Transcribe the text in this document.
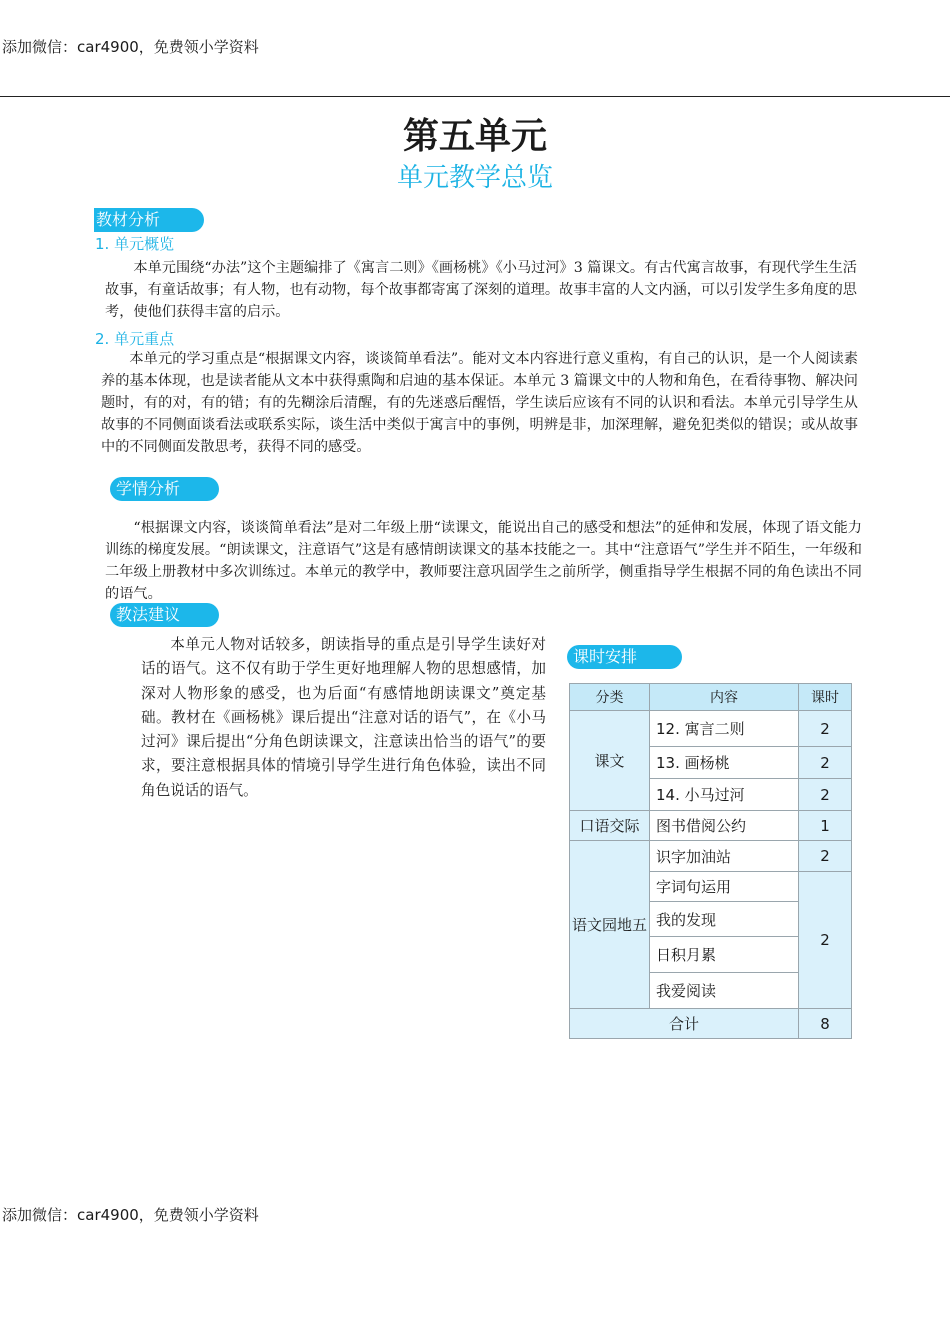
添加微信：car4900，免费领小学资料
第五单元
单元教学总览
教材分析
1. 单元概览

本单元围绕“办法”这个主题编排了《寓言二则》《画杨桃》《小马过河》3 篇课文。有古代寓言故事，有现代学生生活故事，有童话故事；有人物，也有动物，每个故事都寄寓了深刻的道理。故事丰富的人文内涵，可以引发学生多角度的思考，使他们获得丰富的启示。

2. 单元重点

本单元的学习重点是“根据课文内容，谈谈简单看法”。能对文本内容进行意义重构，有自己的认识，是一个人阅读素养的基本体现，也是读者能从文本中获得熏陶和启迪的基本保证。本单元 3 篇课文中的人物和角色，在看待事物、解决问题时，有的对，有的错；有的先糊涂后清醒，有的先迷惑后醒悟，学生读后应该有不同的认识和看法。本单元引导学生从故事的不同侧面谈看法或联系实际，谈生活中类似于寓言中的事例，明辨是非，加深理解，避免犯类似的错误；或从故事中的不同侧面发散思考，获得不同的感受。

学情分析

“根据课文内容，谈谈简单看法”是对二年级上册“读课文，能说出自己的感受和想法”的延伸和发展，体现了语文能力训练的梯度发展。“朗读课文，注意语气”这是有感情朗读课文的基本技能之一。其中“注意语气”学生并不陌生，一年级和二年级上册教材中多次训练过。本单元的教学中，教师要注意巩固学生之前所学，侧重指导学生根据不同的角色读出不同的语气。

教法建议

本单元人物对话较多，朗读指导的重点是引导学生读好对话的语气。这不仅有助于学生更好地理解人物的思想感情，加深对人物形象的感受，也为后面“有感情地朗读课文”奠定基础。教材在《画杨桃》课后提出“注意对话的语气”，在《小马过河》课后提出“分角色朗读课文，注意读出恰当的语气”的要求，要注意根据具体的情境引导学生进行角色体验，读出不同角色说话的语气。

课时安排
分类	内容	课时
课文	12. 寓言二则	2
	13. 画杨桃	2
	14. 小马过河	2
口语交际	图书借阅公约	1
语文园地五	识字加油站	2
	字词句运用	2
	我的发现	
	日积月累	
	我爱阅读	
合计		8
添加微信：car4900，免费领小学资料
